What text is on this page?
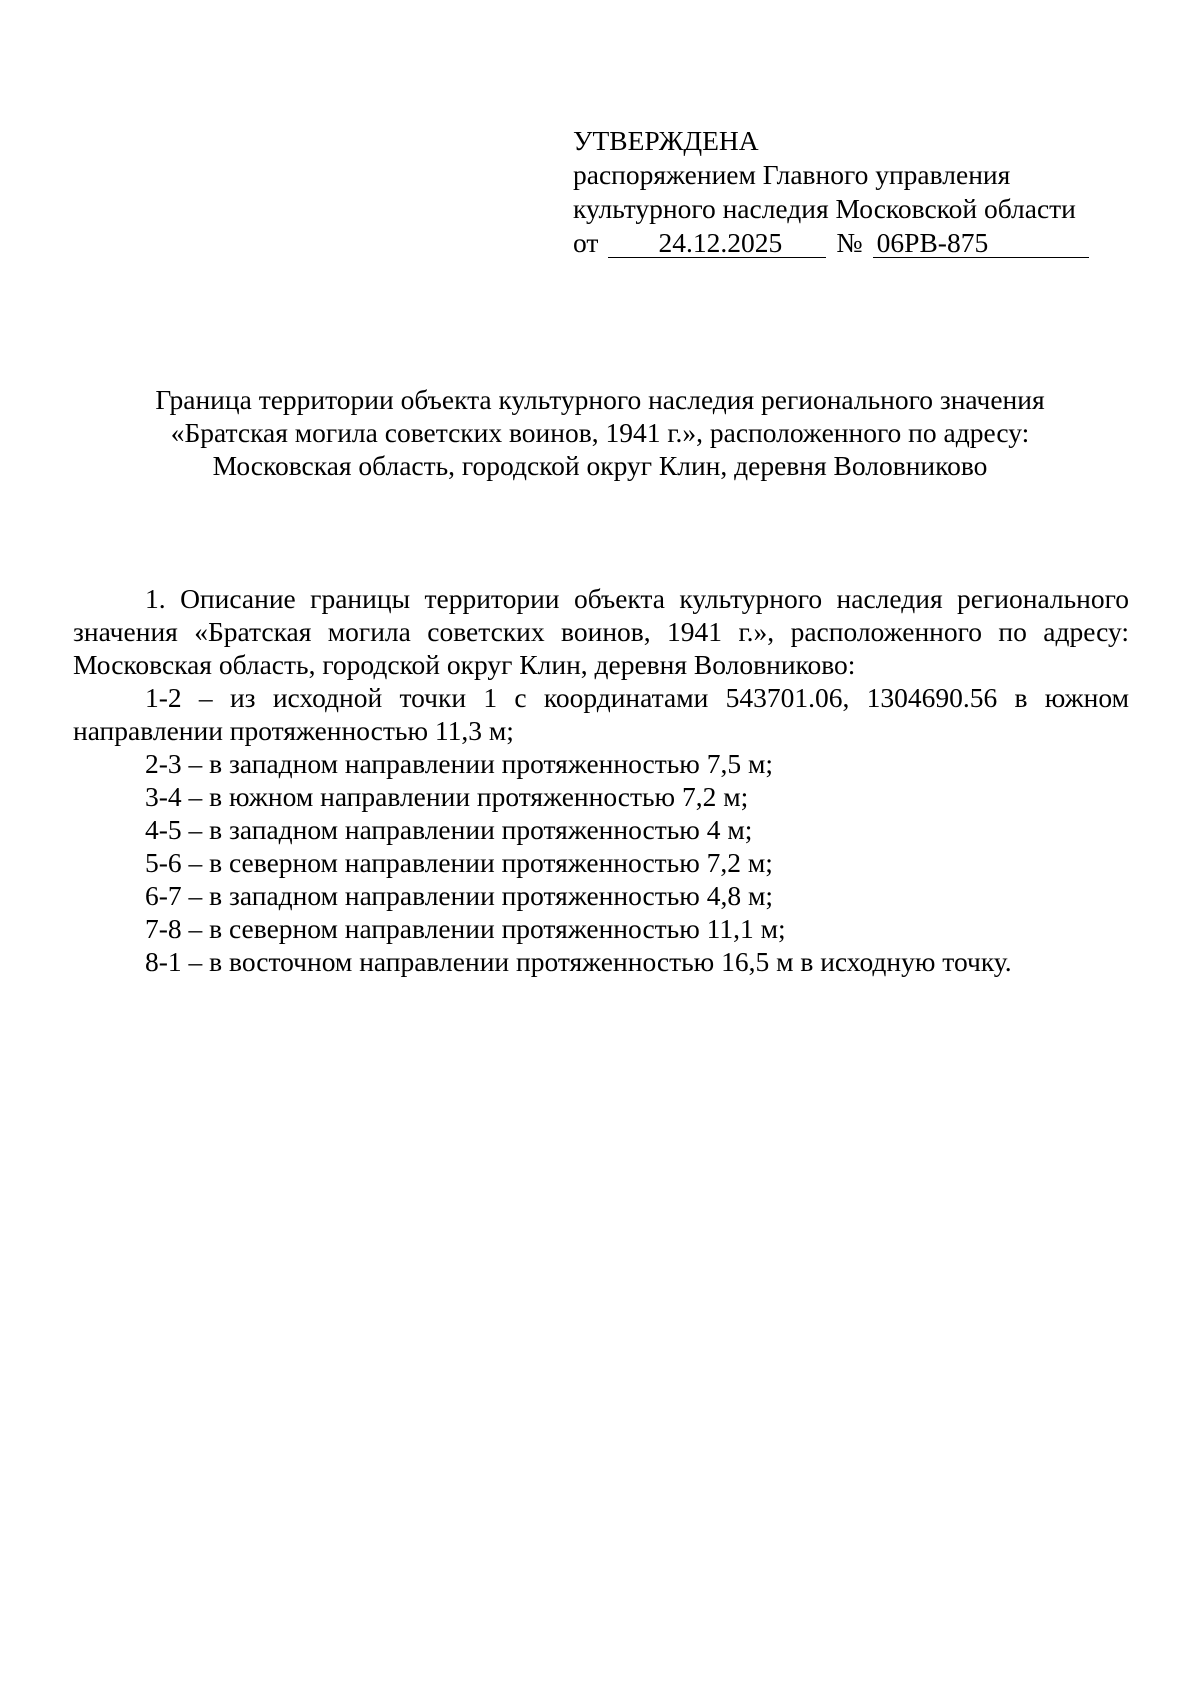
УТВЕРЖДЕНА
распоряжением Главного управления
культурного наследия Московской области
от	24.12.2025	№ 06РВ-875
Граница территории объекта культурного наследия регионального значения
«Братская могила советских воинов, 1941 г.», расположенного по адресу:
Московская область, городской округ Клин, деревня Воловниково

1. Описание границы территории объекта культурного наследия регионального значения «Братская могила советских воинов, 1941 г.», расположенного по адресу: Московская область, городской округ Клин, деревня Воловниково:

1-2 – из исходной точки 1 с координатами 543701.06, 1304690.56 в южном направлении протяженностью 11,3 м;

2-3 – в западном направлении протяженностью 7,5 м;

3-4 – в южном направлении протяженностью 7,2 м;

4-5 – в западном направлении протяженностью 4 м;

5-6 – в северном направлении протяженностью 7,2 м;

6-7 – в западном направлении протяженностью 4,8 м;

7-8 – в северном направлении протяженностью 11,1 м;

8-1 – в восточном направлении протяженностью 16,5 м в исходную точку.
